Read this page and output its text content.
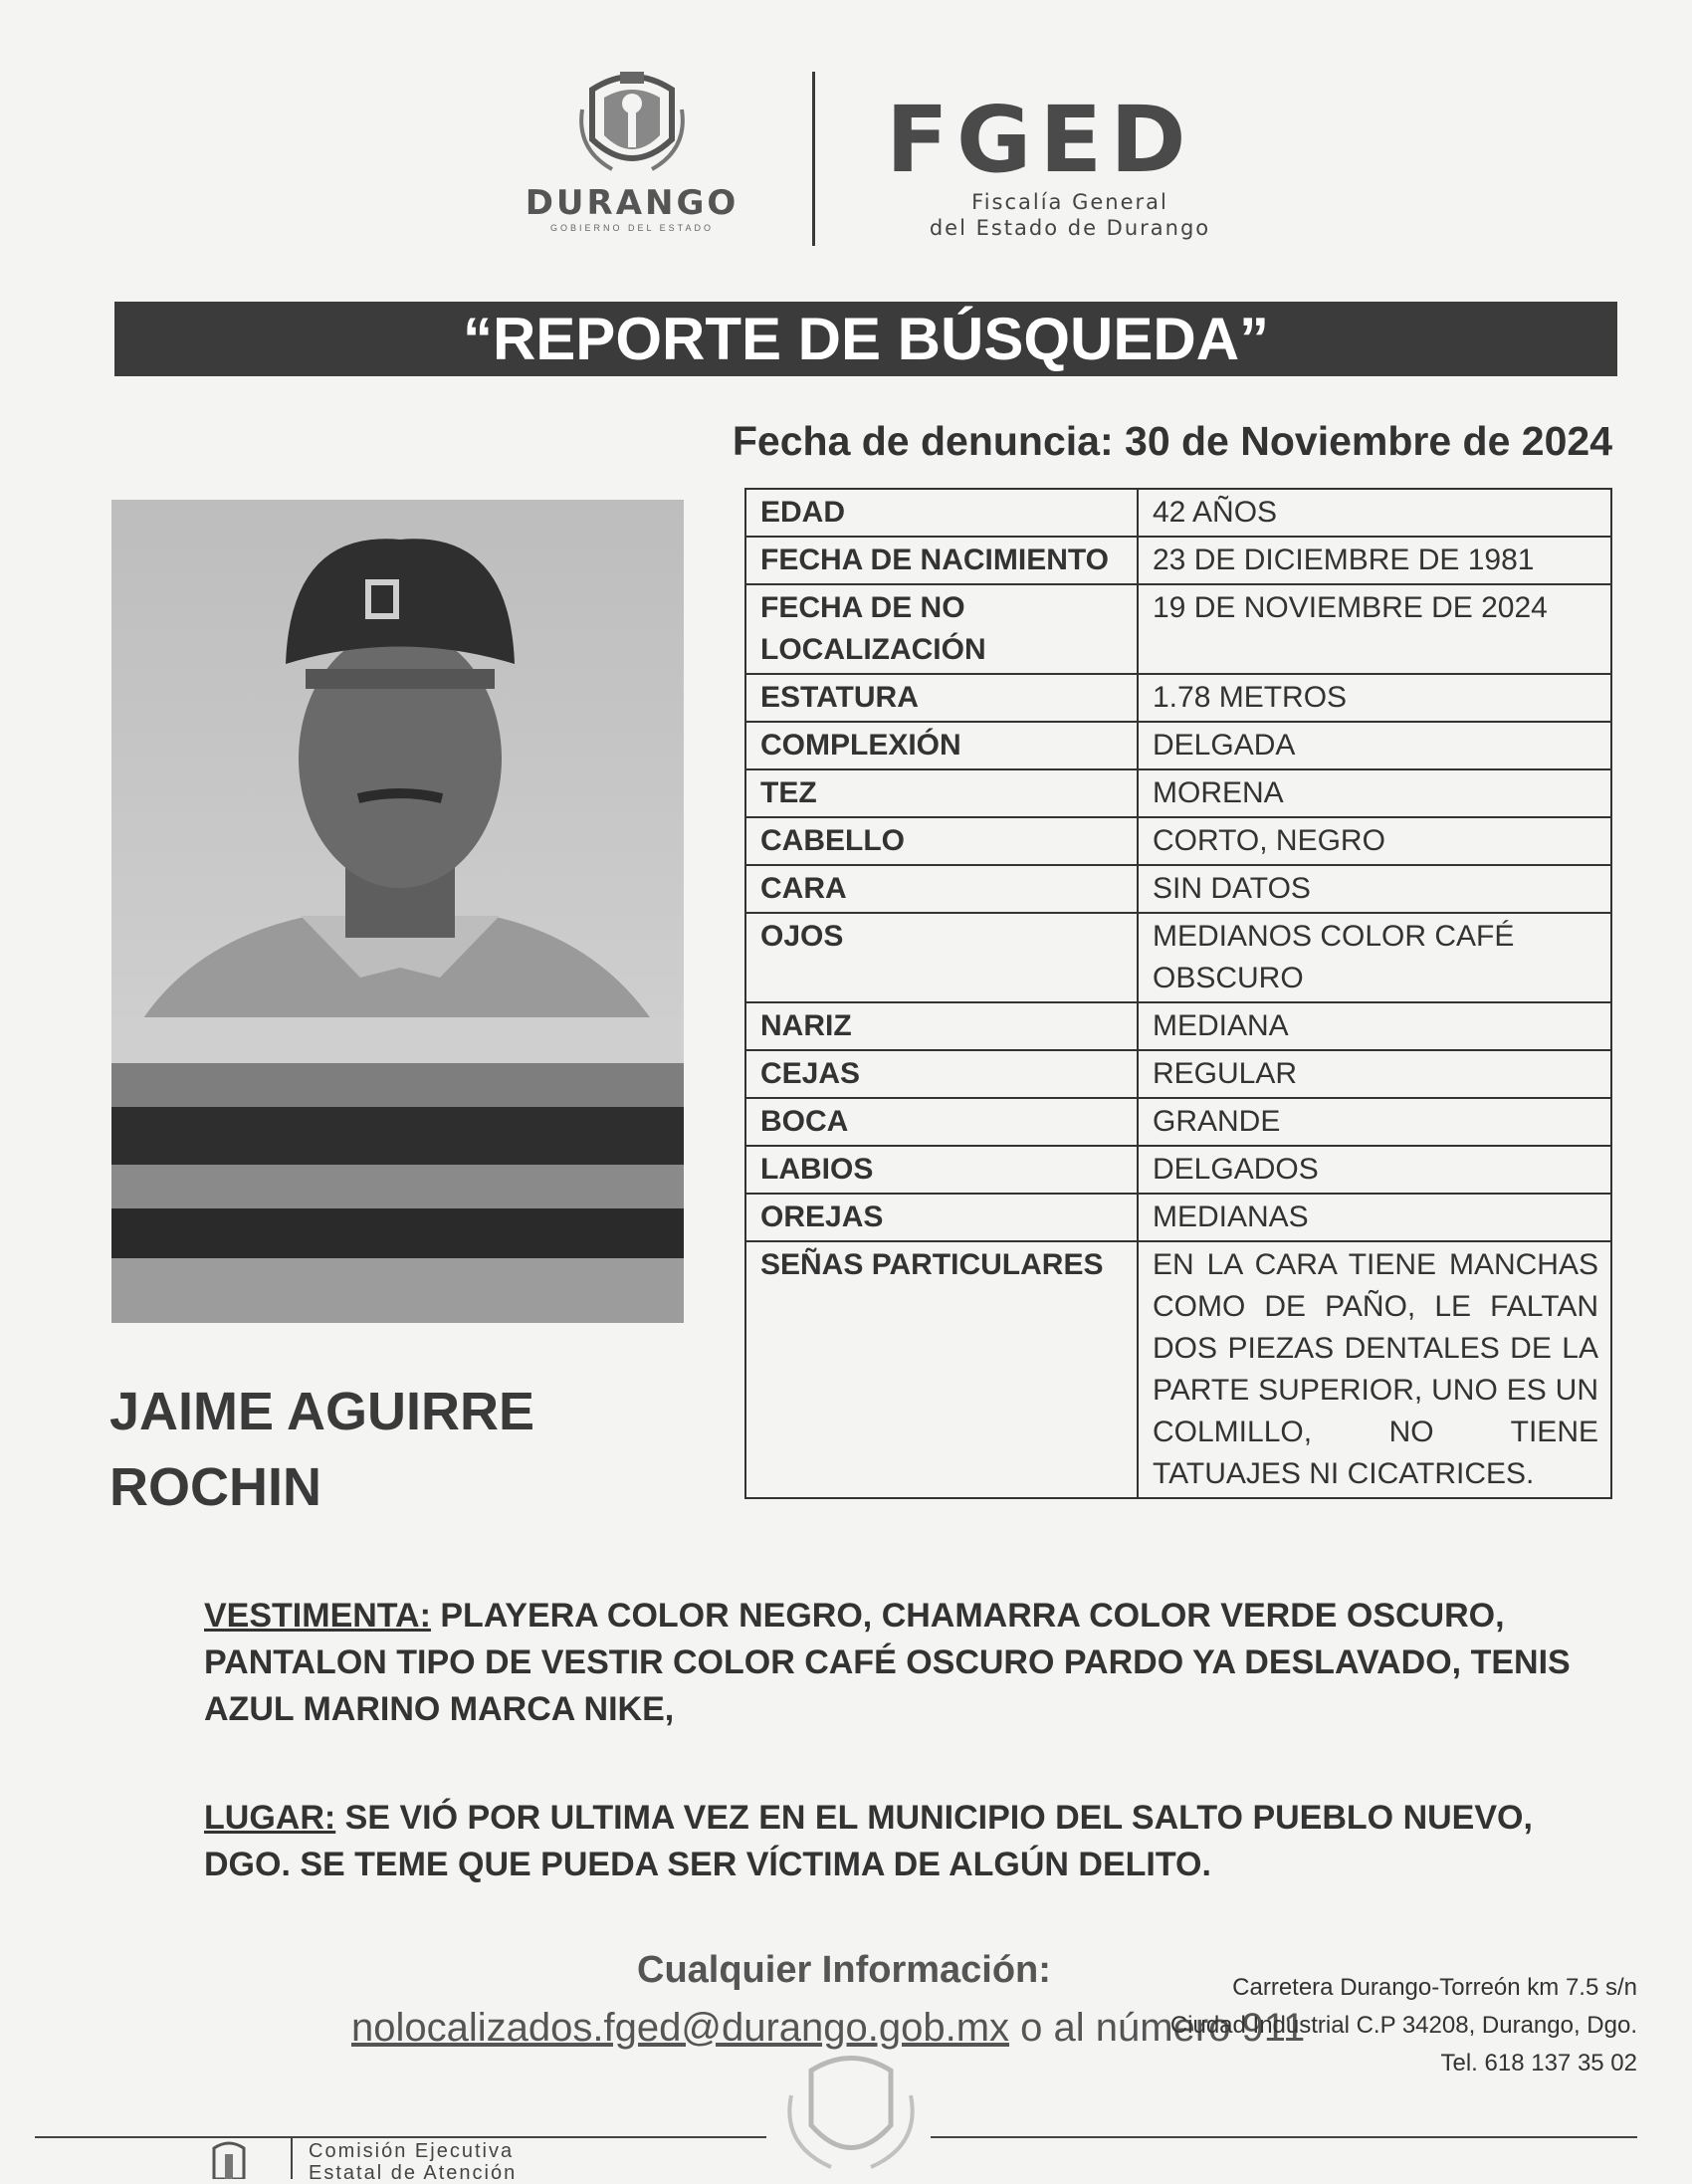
DURANGO
GOBIERNO DEL ESTADO
FGED
Fiscalía General
del Estado de Durango
“REPORTE DE BÚSQUEDA”
Fecha de denuncia: 30 de Noviembre de 2024
EDAD	42 AÑOS
FECHA DE NACIMIENTO	23 DE DICIEMBRE DE 1981
FECHA DE NO LOCALIZACIÓN	19 DE NOVIEMBRE DE 2024
ESTATURA	1.78 METROS
COMPLEXIÓN	DELGADA
TEZ	MORENA
CABELLO	CORTO, NEGRO
CARA	SIN DATOS
OJOS	MEDIANOS COLOR CAFÉ OBSCURO
NARIZ	MEDIANA
CEJAS	REGULAR
BOCA	GRANDE
LABIOS	DELGADOS
OREJAS	MEDIANAS
SEÑAS PARTICULARES	EN LA CARA TIENE MANCHAS COMO DE PAÑO, LE FALTAN DOS PIEZAS DENTALES DE LA PARTE SUPERIOR, UNO ES UN COLMILLO, NO TIENE TATUAJES NI CICATRICES.
JAIME AGUIRRE ROCHIN
VESTIMENTA: PLAYERA COLOR NEGRO, CHAMARRA COLOR VERDE OSCURO, PANTALON TIPO DE VESTIR COLOR CAFÉ OSCURO PARDO YA DESLAVADO, TENIS AZUL MARINO MARCA NIKE,
LUGAR: SE VIÓ POR ULTIMA VEZ EN EL MUNICIPIO DEL SALTO PUEBLO NUEVO, DGO. SE TEME QUE PUEDA SER VÍCTIMA DE ALGÚN DELITO.
Cualquier Información:
nolocalizados.fged@durango.gob.mx o al número 911
Carretera Durango-Torreón km 7.5 s/n
Ciudad Industrial C.P 34208, Durango, Dgo.
Tel. 618 137 35 02
Comisión Ejecutiva
Estatal de Atención
